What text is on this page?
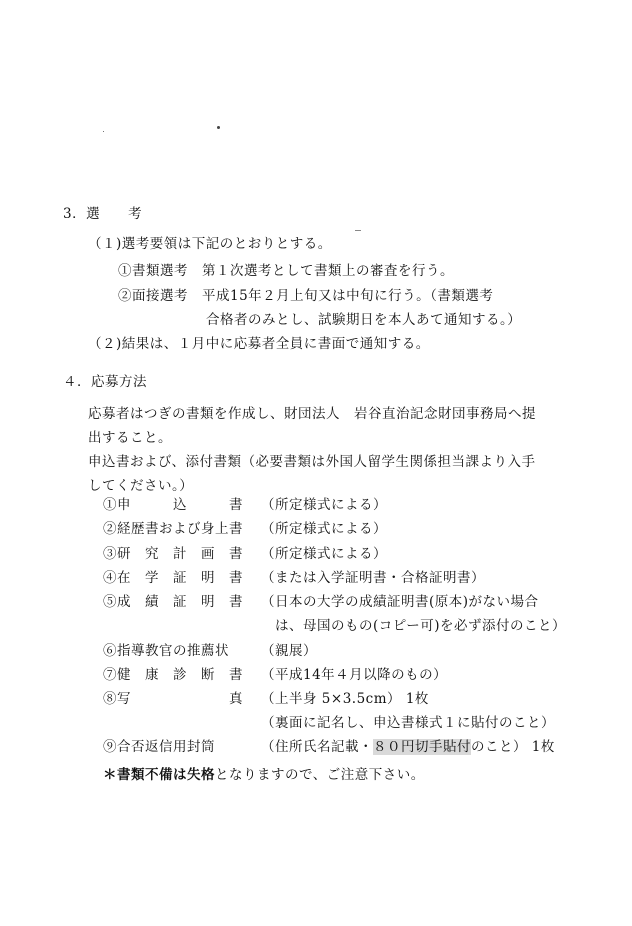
3．選　　考
（１)選考要領は下記のとおりとする。
①書類選考　第１次選考として書類上の審査を行う。
②面接選考　平成15年２月上旬又は中旬に行う。（書類選考
合格者のみとし、試験期日を本人あて通知する。）
（２)結果は、１月中に応募者全員に書面で通知する。
４．応募方法
応募者はつぎの書類を作成し、財団法人　岩谷直治記念財団事務局へ提
出すること。
申込書および、添付書類（必要書類は外国人留学生関係担当課より入手
してください。）
①申　　　込　　　書 （所定様式による）
②経歴書および身上書 （所定様式による）
③研　究　計　画　書 （所定様式による）
④在　学　証　明　書 （または入学証明書・合格証明書）
⑤成　績　証　明　書 （日本の大学の成績証明書(原本)がない場合
　は、母国のもの(コピー可)を必ず添付のこと）
⑥指導教官の推薦状 （親展）
⑦健　康　診　断　書 （平成14年４月以降のもの）
⑧写　　　　　　　真 （上半身 5×3.5cm） 1枚
（裏面に記名し、申込書様式１に貼付のこと）
⑨合否返信用封筒	（住所氏名記載・８０円切手貼付のこと） 1枚
＊書類不備は失格となりますので、ご注意下さい。
